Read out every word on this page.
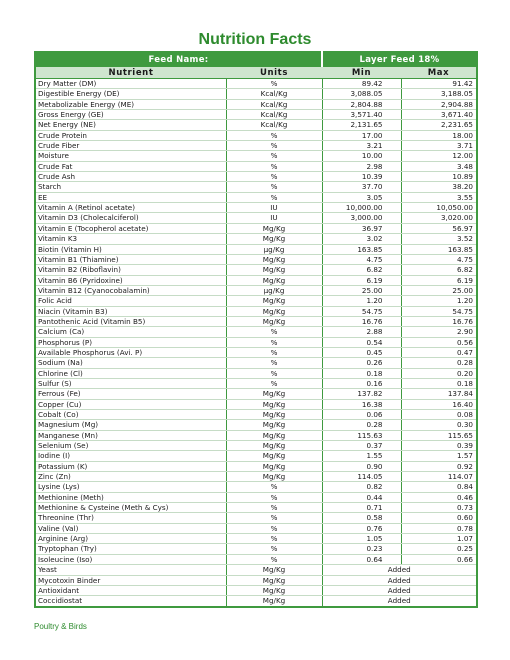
Nutrition Facts
Feed Name:		Layer Feed 18%	
Nutrient	Units	Min	Max
Dry Matter (DM)	%	89.42	91.42
Digestible Energy (DE)	Kcal/Kg	3,088.05	3,188.05
Metabolizable Energy (ME)	Kcal/Kg	2,804.88	2,904.88
Gross Energy (GE)	Kcal/Kg	3,571.40	3,671.40
Net Energy (NE)	Kcal/Kg	2,131.65	2,231.65
Crude Protein	%	17.00	18.00
Crude Fiber	%	3.21	3.71
Moisture	%	10.00	12.00
Crude Fat	%	2.98	3.48
Crude Ash	%	10.39	10.89
Starch	%	37.70	38.20
EE	%	3.05	3.55
Vitamin A (Retinol acetate)	IU	10,000.00	10,050.00
Vitamin D3 (Cholecalciferol)	IU	3,000.00	3,020.00
Vitamin E (Tocopherol acetate)	Mg/Kg	36.97	56.97
Vitamin K3	Mg/Kg	3.02	3.52
Biotin (Vitamin H)	µg/Kg	163.85	163.85
Vitamin B1 (Thiamine)	Mg/Kg	4.75	4.75
Vitamin B2 (Riboflavin)	Mg/Kg	6.82	6.82
Vitamin B6 (Pyridoxine)	Mg/Kg	6.19	6.19
Vitamin B12 (Cyanocobalamin)	µg/Kg	25.00	25.00
Folic Acid	Mg/Kg	1.20	1.20
Niacin (Vitamin B3)	Mg/Kg	54.75	54.75
Pantothenic Acid (Vitamin B5)	Mg/Kg	16.76	16.76
Calcium (Ca)	%	2.88	2.90
Phosphorus (P)	%	0.54	0.56
Available Phosphorus (Avi. P)	%	0.45	0.47
Sodium (Na)	%	0.26	0.28
Chlorine (Cl)	%	0.18	0.20
Sulfur (S)	%	0.16	0.18
Ferrous (Fe)	Mg/Kg	137.82	137.84
Copper (Cu)	Mg/Kg	16.38	16.40
Cobalt (Co)	Mg/Kg	0.06	0.08
Magnesium (Mg)	Mg/Kg	0.28	0.30
Manganese (Mn)	Mg/Kg	115.63	115.65
Selenium (Se)	Mg/Kg	0.37	0.39
Iodine (I)	Mg/Kg	1.55	1.57
Potassium (K)	Mg/Kg	0.90	0.92
Zinc (Zn)	Mg/Kg	114.05	114.07
Lysine (Lys)	%	0.82	0.84
Methionine (Meth)	%	0.44	0.46
Methionine & Cysteine (Meth & Cys)	%	0.71	0.73
Threonine (Thr)	%	0.58	0.60
Valine (Val)	%	0.76	0.78
Arginine (Arg)	%	1.05	1.07
Tryptophan (Try)	%	0.23	0.25
Isoleucine (Iso)	%	0.64	0.66
Yeast	Mg/Kg	Added	
Mycotoxin Binder	Mg/Kg	Added	
Antioxidant	Mg/Kg	Added	
Coccidiostat	Mg/Kg	Added	
Poultry & Birds
